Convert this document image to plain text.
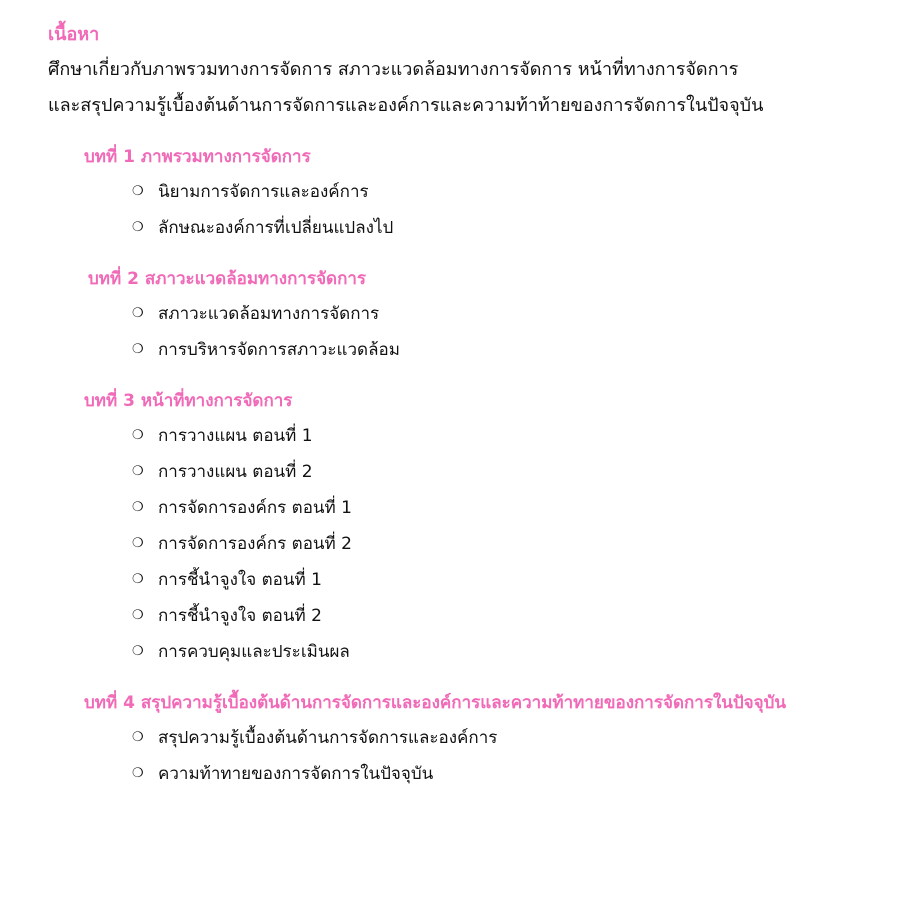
เนื้อหา

ศึกษาเกี่ยวกับภาพรวมทางการจัดการ สภาวะแวดล้อมทางการจัดการ หน้าที่ทางการจัดการ

และสรุปความรู้เบื้องต้นด้านการจัดการและองค์การและความท้าท้ายของการจัดการในปัจจุบัน

บทที่ 1 ภาพรวมทางการจัดการ
❍ นิยามการจัดการและองค์การ
❍ ลักษณะองค์การที่เปลี่ยนแปลงไป
บทที่ 2 สภาวะแวดล้อมทางการจัดการ
❍ สภาวะแวดล้อมทางการจัดการ
❍ การบริหารจัดการสภาวะแวดล้อม
บทที่ 3 หน้าที่ทางการจัดการ
❍ การวางแผน ตอนที่ 1
❍ การวางแผน ตอนที่ 2
❍ การจัดการองค์กร ตอนที่ 1
❍ การจัดการองค์กร ตอนที่ 2
❍ การชี้นำจูงใจ ตอนที่ 1
❍ การชี้นำจูงใจ ตอนที่ 2
❍ การควบคุมและประเมินผล
บทที่ 4 สรุปความรู้เบื้องต้นด้านการจัดการและองค์การและความท้าทายของการจัดการในปัจจุบัน
❍ สรุปความรู้เบื้องต้นด้านการจัดการและองค์การ
❍ ความท้าทายของการจัดการในปัจจุบัน
